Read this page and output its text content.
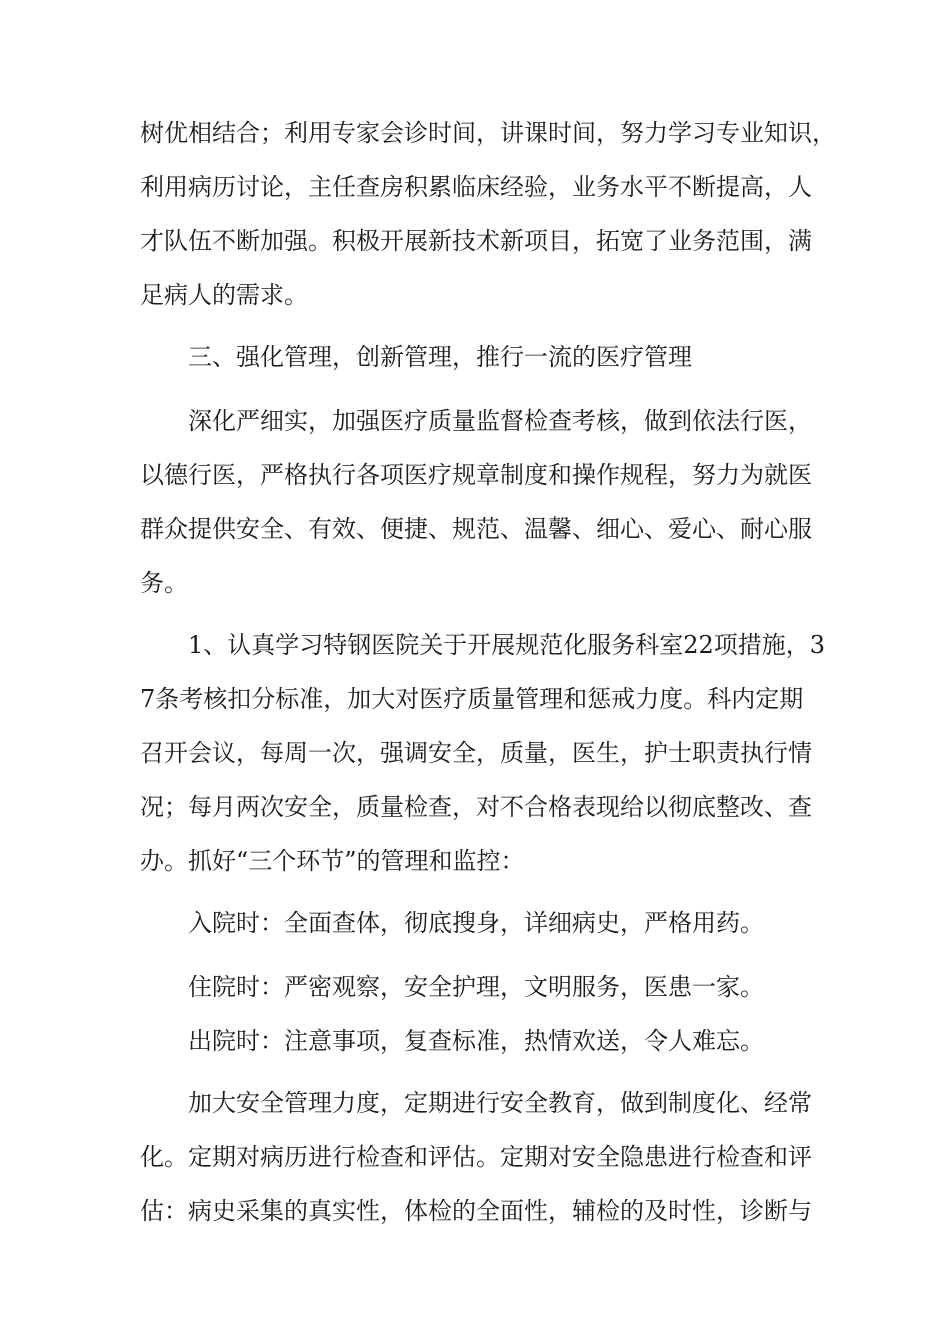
树优相结合；利用专家会诊时间，讲课时间，努力学习专业知识，
利用病历讨论，主任查房积累临床经验，业务水平不断提高，人
才队伍不断加强。积极开展新技术新项目，拓宽了业务范围，满
足病人的需求。
三、强化管理，创新管理，推行一流的医疗管理
深化严细实，加强医疗质量监督检查考核，做到依法行医，
以德行医，严格执行各项医疗规章制度和操作规程，努力为就医
群众提供安全、有效、便捷、规范、温馨、细心、爱心、耐心服
务。
1、认真学习特钢医院关于开展规范化服务科室22项措施，3
7条考核扣分标准，加大对医疗质量管理和惩戒力度。科内定期
召开会议，每周一次，强调安全，质量，医生，护士职责执行情
况；每月两次安全，质量检查，对不合格表现给以彻底整改、查
办。抓好“三个环节”的管理和监控：
入院时：全面查体，彻底搜身，详细病史，严格用药。
住院时：严密观察，安全护理，文明服务，医患一家。
出院时：注意事项，复查标准，热情欢送，令人难忘。
加大安全管理力度，定期进行安全教育，做到制度化、经常
化。定期对病历进行检查和评估。定期对安全隐患进行检查和评
估：病史采集的真实性，体检的全面性，辅检的及时性，诊断与
